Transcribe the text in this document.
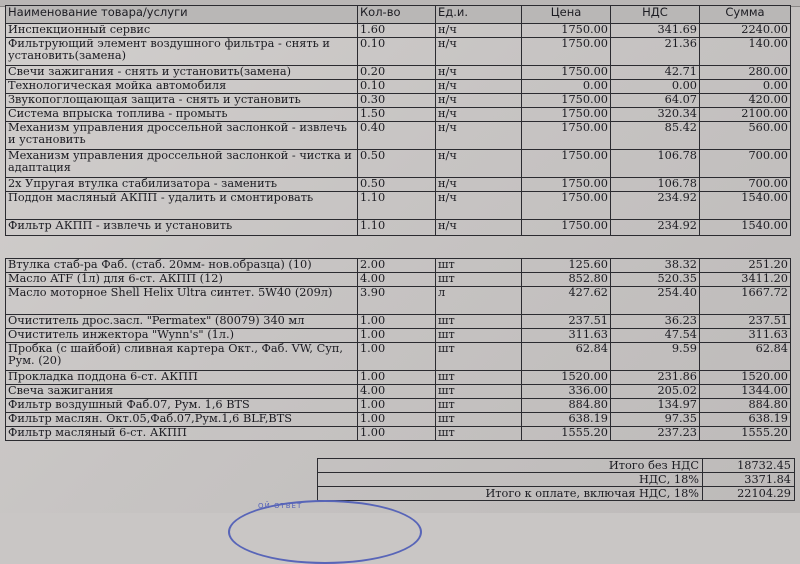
Наименование товара/услуги	Кол-во	Ед.и.	Цена	НДС	Сумма
Инспекционный сервис	1.60	н/ч	1750.00	341.69	2240.00
Фильтрующий элемент воздушного фильтра - снять и установить(замена)	0.10	н/ч	1750.00	21.36	140.00
Свечи зажигания - снять и установить(замена)	0.20	н/ч	1750.00	42.71	280.00
Технологическая мойка автомобиля	0.10	н/ч	0.00	0.00	0.00
Звукопоглощающая защита - снять и установить	0.30	н/ч	1750.00	64.07	420.00
Система впрыска топлива - промыть	1.50	н/ч	1750.00	320.34	2100.00
Механизм управления дроссельной заслонкой - извлечь и установить	0.40	н/ч	1750.00	85.42	560.00
Механизм управления дроссельной заслонкой - чистка и адаптация	0.50	н/ч	1750.00	106.78	700.00
2х Упругая втулка стабилизатора - заменить	0.50	н/ч	1750.00	106.78	700.00
Поддон масляный АКПП - удалить и смонтировать	1.10	н/ч	1750.00	234.92	1540.00
Фильтр АКПП - извлечь и установить	1.10	н/ч	1750.00	234.92	1540.00
Втулка стаб-ра Фаб. (стаб. 20мм- нов.образца) (10)	2.00	шт	125.60	38.32	251.20
Масло ATF (1л) для 6-ст. АКПП (12)	4.00	шт	852.80	520.35	3411.20
Масло моторное Shell Helix Ultra синтет. 5W40 (209л)	3.90	л	427.62	254.40	1667.72
Очиститель дрос.засл. "Permatex" (80079) 340 мл	1.00	шт	237.51	36.23	237.51
Очиститель инжектора "Wynn's" (1л.)	1.00	шт	311.63	47.54	311.63
Пробка (с шайбой) сливная картера Окт., Фаб. VW, Суп, Рум. (20)	1.00	шт	62.84	9.59	62.84
Прокладка поддона 6-ст. АКПП	1.00	шт	1520.00	231.86	1520.00
Свеча зажигания	4.00	шт	336.00	205.02	1344.00
Фильтр воздушный Фаб.07, Рум. 1,6 BTS	1.00	шт	884.80	134.97	884.80
Фильтр маслян. Окт.05,Фаб.07,Рум.1,6 BLF,BTS	1.00	шт	638.19	97.35	638.19
Фильтр масляный 6-ст. АКПП	1.00	шт	1555.20	237.23	1555.20
Итого без НДС	18732.45
НДС, 18%	3371.84
Итого к оплате, включая НДС, 18%	22104.29
ОЙ ОТВЕТ
